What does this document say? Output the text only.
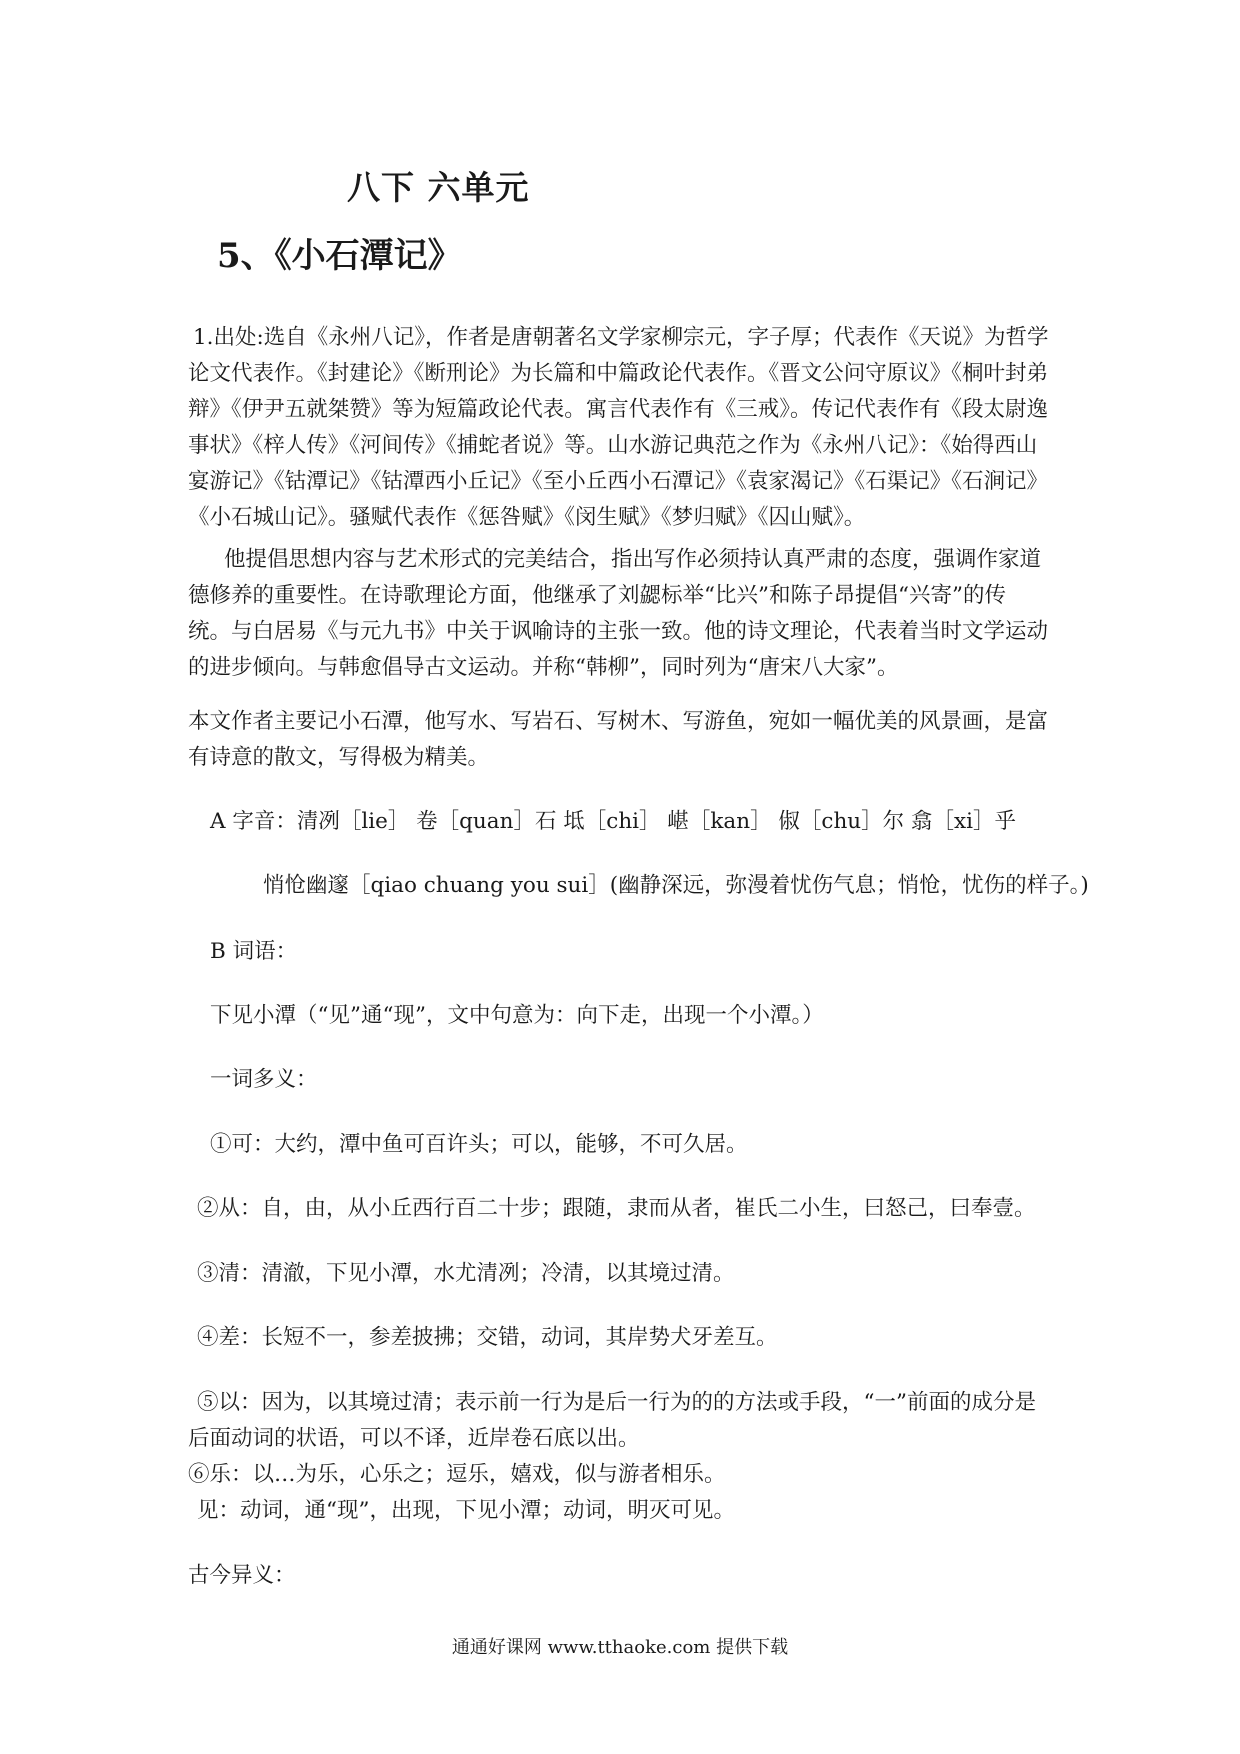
八下 六单元
5、《小石潭记》
1.出处:选自《永州八记》，作者是唐朝著名文学家柳宗元，字子厚；代表作《天说》为哲学
论文代表作。《封建论》《断刑论》为长篇和中篇政论代表作。《晋文公问守原议》《桐叶封弟
辩》《伊尹五就桀赞》等为短篇政论代表。寓言代表作有《三戒》。传记代表作有《段太尉逸
事状》《梓人传》《河间传》《捕蛇者说》等。山水游记典范之作为《永州八记》：《始得西山
宴游记》《钴潭记》《钴潭西小丘记》《至小丘西小石潭记》《袁家渴记》《石渠记》《石涧记》
《小石城山记》。骚赋代表作《惩咎赋》《闵生赋》《梦归赋》《囚山赋》。
他提倡思想内容与艺术形式的完美结合，指出写作必须持认真严肃的态度，强调作家道
德修养的重要性。在诗歌理论方面，他继承了刘勰标举“比兴”和陈子昂提倡“兴寄”的传
统。与白居易《与元九书》中关于讽喻诗的主张一致。他的诗文理论，代表着当时文学运动
的进步倾向。与韩愈倡导古文运动。并称“韩柳”，同时列为“唐宋八大家”。
本文作者主要记小石潭，他写水、写岩石、写树木、写游鱼，宛如一幅优美的风景画，是富
有诗意的散文，写得极为精美。
A 字音：清冽［lie］ 卷［quan］石 坻［chi］ 嵁［kan］ 俶［chu］尔 翕［xi］乎
悄怆幽邃［qiao chuang you sui］(幽静深远，弥漫着忧伤气息；悄怆，忧伤的样子。)
B 词语：
下见小潭（“见”通“现”，文中句意为：向下走，出现一个小潭。）
一词多义：
①可：大约，潭中鱼可百许头；可以，能够，不可久居。
②从：自，由，从小丘西行百二十步；跟随，隶而从者，崔氏二小生，曰怒己，曰奉壹。
③清：清澈，下见小潭，水尤清冽；冷清，以其境过清。
④差：长短不一，参差披拂；交错，动词，其岸势犬牙差互。
⑤以：因为，以其境过清；表示前一行为是后一行为的的方法或手段，“一”前面的成分是
后面动词的状语，可以不译，近岸卷石底以出。
⑥乐：以…为乐，心乐之；逗乐，嬉戏，似与游者相乐。
见：动词，通“现”，出现，下见小潭；动词，明灭可见。
古今异义：
通通好课网 www.tthaoke.com 提供下载
